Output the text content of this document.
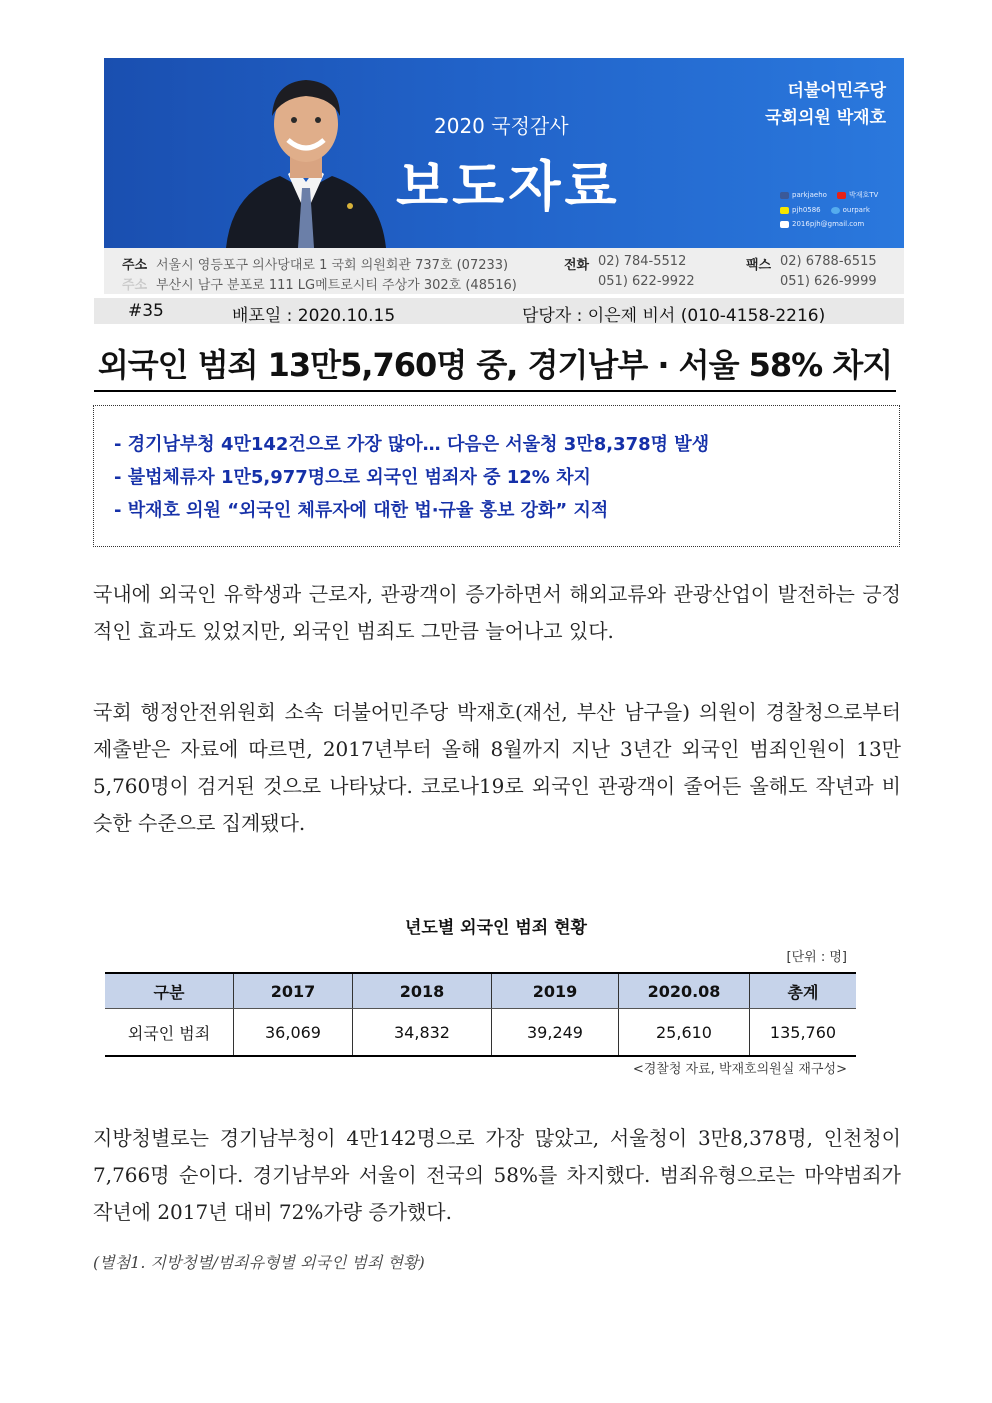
2020 국정감사
보도자료
더불어민주당
국회의원 박재호
parkjaeho	박재호TV
pjh0586	ourpark
2016pjh@gmail.com
주소 서울시 영등포구 의사당대로 1 국회 의원회관 737호 (07233)	전화 02) 784-5512	팩스 02) 6788-6515
주소 부산시 남구 분포로 111 LG메트로시티 주상가 302호 (48516)	051) 622-9922	051) 626-9999
#35	배포일 : 2020.10.15	담당자 : 이은제 비서 (010-4158-2216)
외국인 범죄 13만5,760명 중, 경기남부 · 서울 58% 차지
- 경기남부청 4만142건으로 가장 많아… 다음은 서울청 3만8,378명 발생
- 불법체류자 1만5,977명으로 외국인 범죄자 중 12% 차지
- 박재호 의원 “외국인 체류자에 대한 법·규율 홍보 강화” 지적
국내에 외국인 유학생과 근로자, 관광객이 증가하면서 해외교류와 관광산업이 발전하는 긍정적인 효과도 있었지만, 외국인 범죄도 그만큼 늘어나고 있다.
국회 행정안전위원회 소속 더불어민주당 박재호(재선, 부산 남구을) 의원이 경찰청으로부터 제출받은 자료에 따르면, 2017년부터 올해 8월까지 지난 3년간 외국인 범죄인원이 13만5,760명이 검거된 것으로 나타났다. 코로나19로 외국인 관광객이 줄어든 올해도 작년과 비슷한 수준으로 집계됐다.
년도별 외국인 범죄 현황
[단위 : 명]
구분	2017	2018	2019	2020.08	총계
외국인 범죄	36,069	34,832	39,249	25,610	135,760
<경찰청 자료, 박재호의원실 재구성>
지방청별로는 경기남부청이 4만142명으로 가장 많았고, 서울청이 3만8,378명, 인천청이 7,766명 순이다. 경기남부와 서울이 전국의 58%를 차지했다. 범죄유형으로는 마약범죄가 작년에 2017년 대비 72%가량 증가했다.
(별첨1. 지방청별/범죄유형별 외국인 범죄 현황)
